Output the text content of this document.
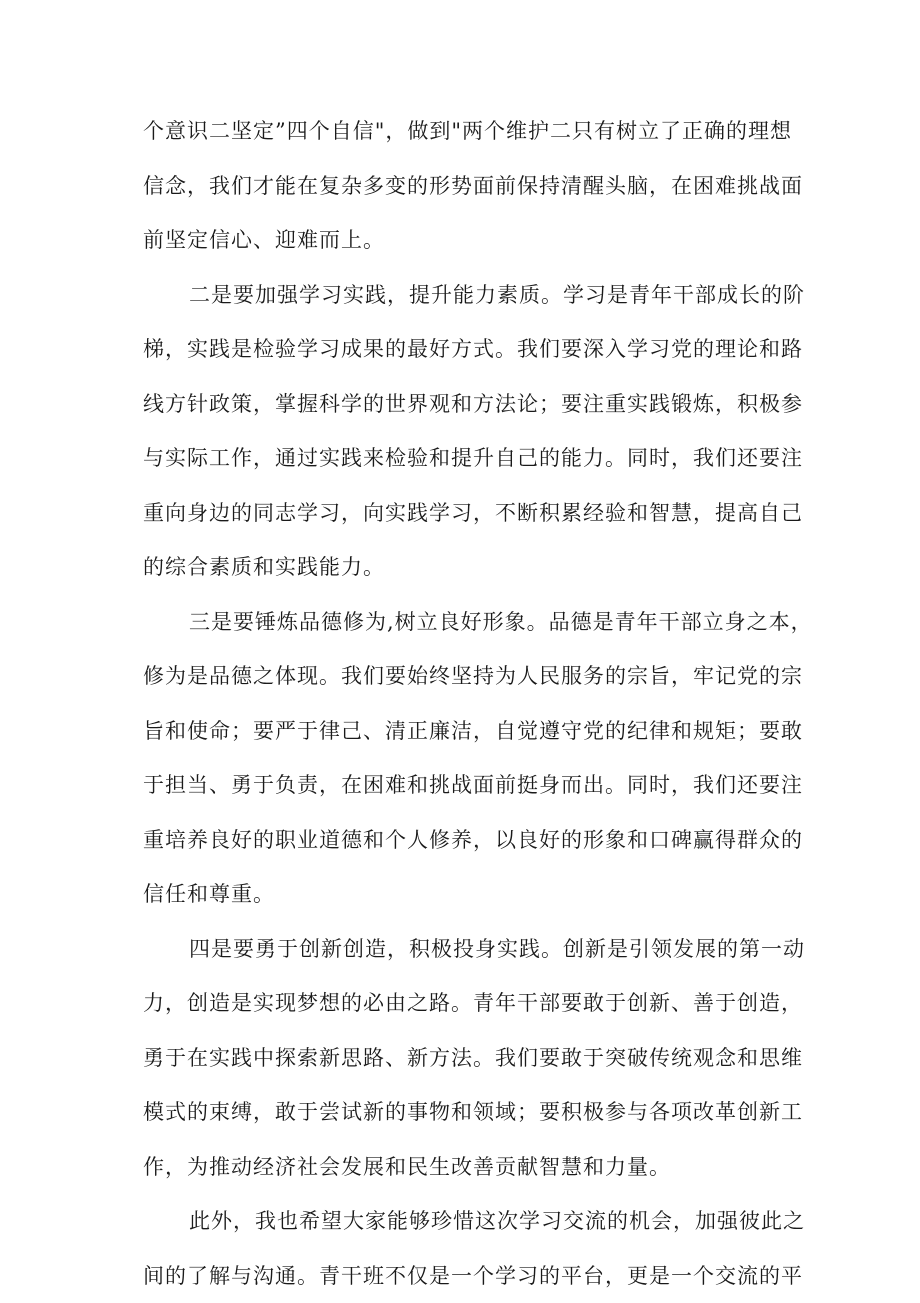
个意识二坚定”四个自信"，做到"两个维护二只有树立了正确的理想
信念，我们才能在复杂多变的形势面前保持清醒头脑，在困难挑战面
前坚定信心、迎难而上。
二是要加强学习实践，提升能力素质。学习是青年干部成长的阶
梯，实践是检验学习成果的最好方式。我们要深入学习党的理论和路
线方针政策，掌握科学的世界观和方法论；要注重实践锻炼，积极参
与实际工作，通过实践来检验和提升自己的能力。同时，我们还要注
重向身边的同志学习，向实践学习，不断积累经验和智慧，提高自己
的综合素质和实践能力。
三是要锤炼品德修为,树立良好形象。品德是青年干部立身之本，
修为是品德之体现。我们要始终坚持为人民服务的宗旨，牢记党的宗
旨和使命；要严于律己、清正廉洁，自觉遵守党的纪律和规矩；要敢
于担当、勇于负责，在困难和挑战面前挺身而出。同时，我们还要注
重培养良好的职业道德和个人修养，以良好的形象和口碑赢得群众的
信任和尊重。
四是要勇于创新创造，积极投身实践。创新是引领发展的第一动
力，创造是实现梦想的必由之路。青年干部要敢于创新、善于创造，
勇于在实践中探索新思路、新方法。我们要敢于突破传统观念和思维
模式的束缚，敢于尝试新的事物和领域；要积极参与各项改革创新工
作，为推动经济社会发展和民生改善贡献智慧和力量。
此外，我也希望大家能够珍惜这次学习交流的机会，加强彼此之
间的了解与沟通。青干班不仅是一个学习的平台，更是一个交流的平
